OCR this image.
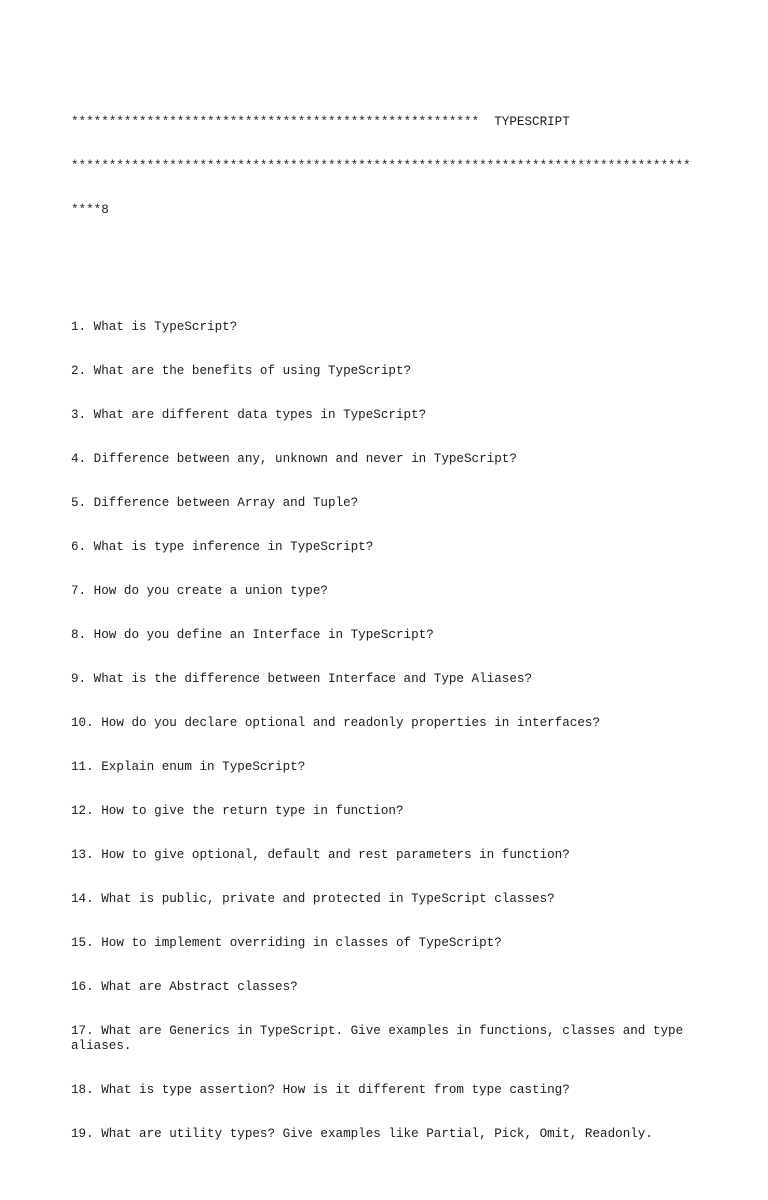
******************************************************  TYPESCRIPT

**********************************************************************************

****8

1. What is TypeScript?

2. What are the benefits of using TypeScript?

3. What are different data types in TypeScript?

4. Difference between any, unknown and never in TypeScript?

5. Difference between Array and Tuple?

6. What is type inference in TypeScript?

7. How do you create a union type?

8. How do you define an Interface in TypeScript?

9. What is the difference between Interface and Type Aliases?

10. How do you declare optional and readonly properties in interfaces?

11. Explain enum in TypeScript?

12. How to give the return type in function?

13. How to give optional, default and rest parameters in function?

14. What is public, private and protected in TypeScript classes?

15. How to implement overriding in classes of TypeScript?

16. What are Abstract classes?

17. What are Generics in TypeScript. Give examples in functions, classes and type aliases.

18. What is type assertion? How is it different from type casting?

19. What are utility types? Give examples like Partial, Pick, Omit, Readonly.
